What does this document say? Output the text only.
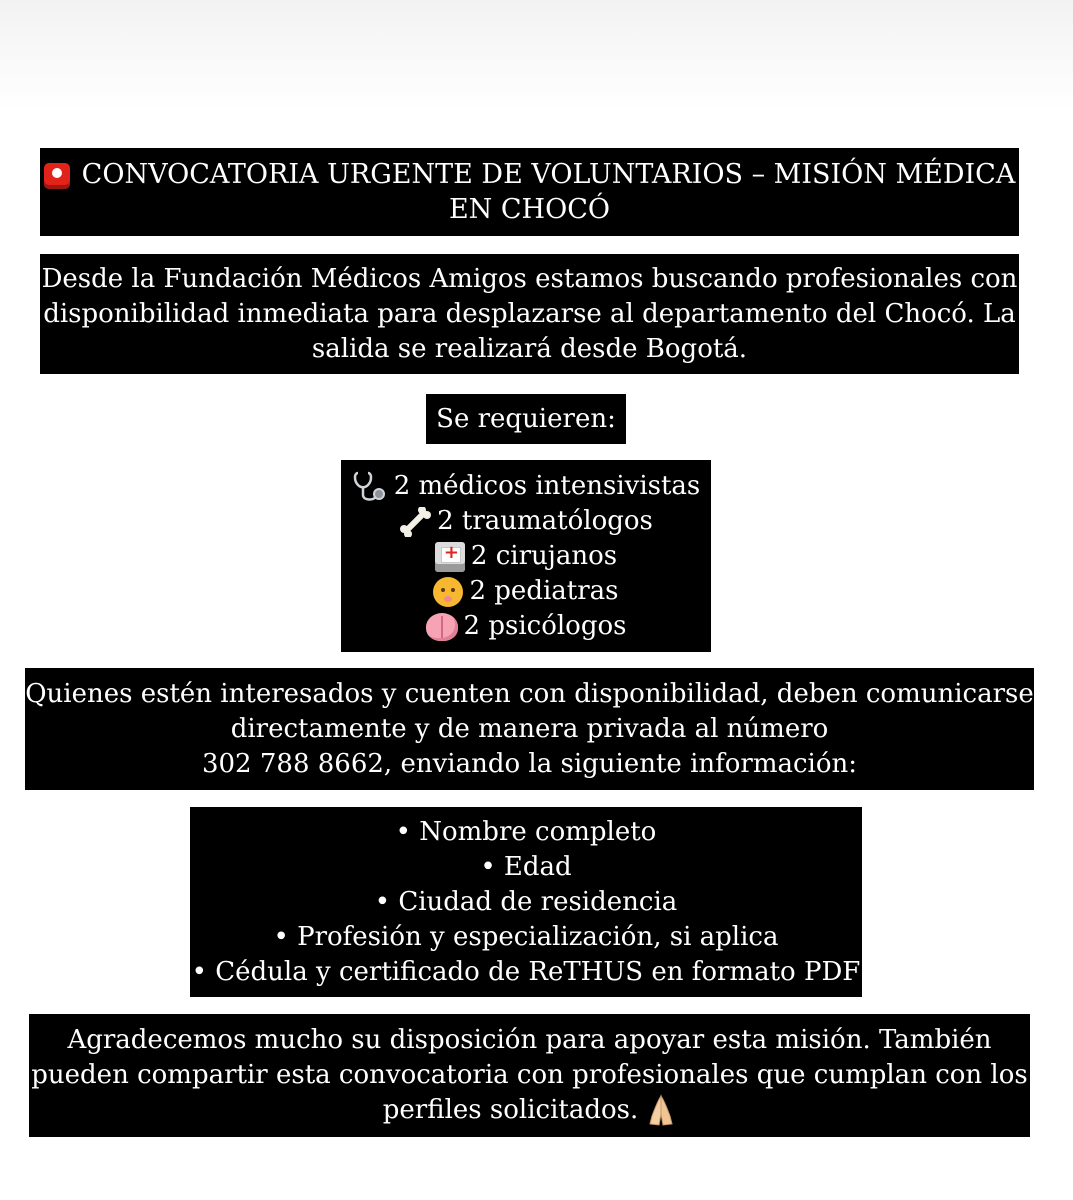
CONVOCATORIA URGENTE DE VOLUNTARIOS – MISIÓN MÉDICA
EN CHOCÓ
Desde la Fundación Médicos Amigos estamos buscando profesionales con
disponibilidad inmediata para desplazarse al departamento del Chocó. La
salida se realizará desde Bogotá.
Se requieren:
2 médicos intensivistas
2 traumatólogos
+2 cirujanos
2 pediatras
2 psicólogos
Quienes estén interesados y cuenten con disponibilidad, deben comunicarse
directamente y de manera privada al número
302 788 8662, enviando la siguiente información:
• Nombre completo
• Edad
• Ciudad de residencia
• Profesión y especialización, si aplica
• Cédula y certificado de ReTHUS en formato PDF
Agradecemos mucho su disposición para apoyar esta misión. También
pueden compartir esta convocatoria con profesionales que cumplan con los
perfiles solicitados.
